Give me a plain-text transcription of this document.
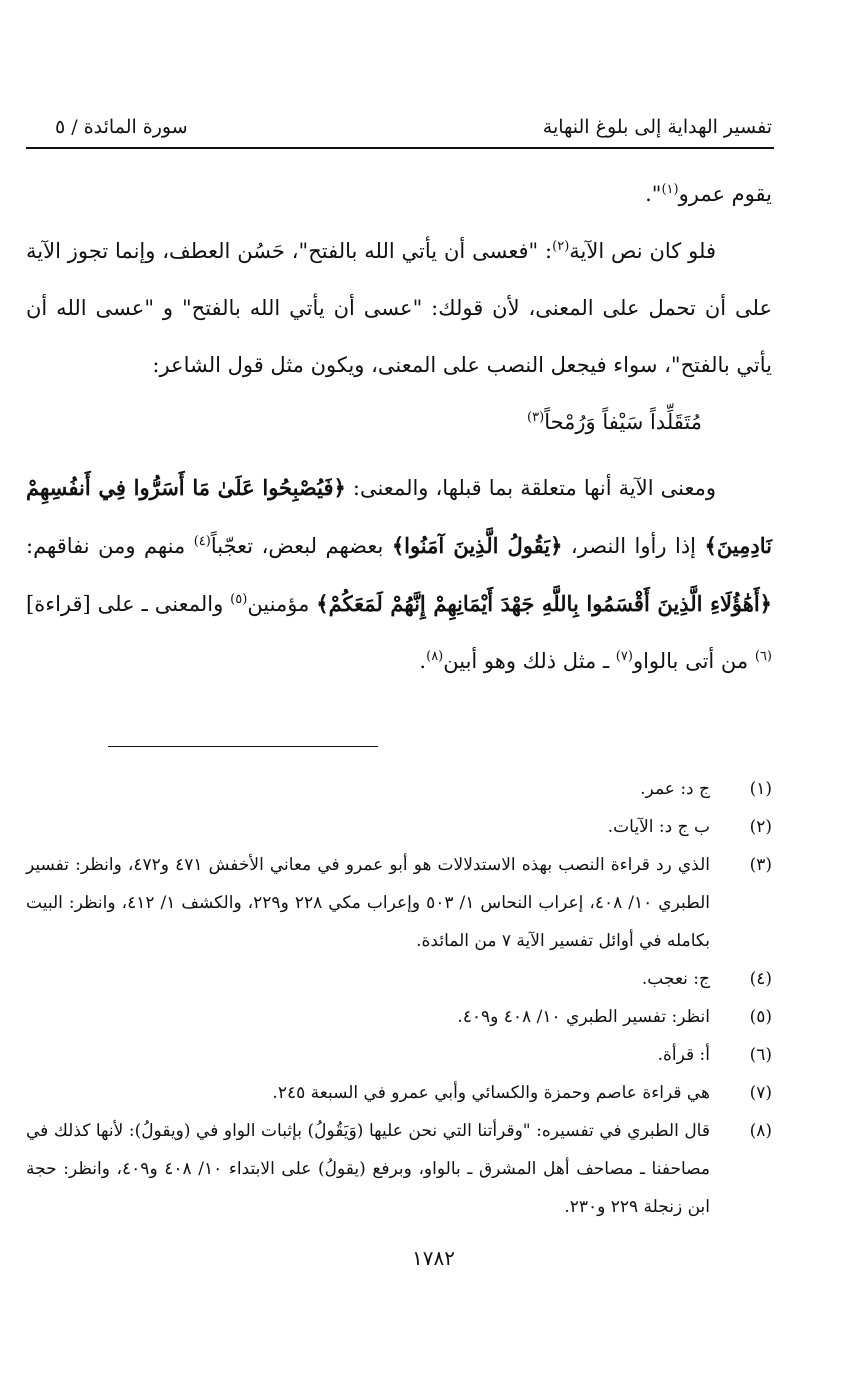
تفسير الهداية إلى بلوغ النهاية
سورة المائدة / ٥

يقوم عمرو$^{(١)}$".

فلو كان نص الآية$^{(٢)}$: "فعسى أن يأتي الله بالفتح"، حَسُن العطف، وإنما تجوز الآية على أن تحمل على المعنى، لأن قولك: "عسى أن يأتي الله بالفتح" و "عسى الله أن يأتي بالفتح"، سواء فيجعل النصب على المعنى، ويكون مثل قول الشاعر:

مُتَقَلِّداً سَيْفاً وَرُمْحاً$^{(٣)}$

ومعنى الآية أنها متعلقة بما قبلها، والمعنى: ﴿فَيُصْبِحُوا عَلَىٰ مَا أَسَرُّوا فِي أَنفُسِهِمْ نَادِمِينَ﴾ إذا رأوا النصر، ﴿يَقُولُ الَّذِينَ آمَنُوا﴾ بعضهم لبعض، تعجّباً$^{(٤)}$ منهم ومن نفاقهم: ﴿أَهَٰؤُلَاءِ الَّذِينَ أَقْسَمُوا بِاللَّهِ جَهْدَ أَيْمَانِهِمْ إِنَّهُمْ لَمَعَكُمْ﴾ مؤمنين$^{(٥)}$ والمعنى ـ على [قراءة]$^{(٦)}$ من أتى بالواو$^{(٧)}$ ـ مثل ذلك وهو أبين$^{(٨)}$.

(١)
ج د: عمر.
(٢)
ب ج د: الآيات.
(٣)
الذي رد قراءة النصب بهذه الاستدلالات هو أبو عمرو في معاني الأخفش ٤٧١ و٤٧٢، وانظر: تفسير الطبري ١٠/ ٤٠٨، إعراب النحاس ١/ ٥٠٣ وإعراب مكي ٢٢٨ و٢٢٩، والكشف ١/ ٤١٢، وانظر: البيت بكامله في أوائل تفسير الآية ٧ من المائدة.
(٤)
ج: نعجب.
(٥)
انظر: تفسير الطبري ١٠/ ٤٠٨ و٤٠٩.
(٦)
أ: قرأة.
(٧)
هي قراءة عاصم وحمزة والكسائي وأبي عمرو في السبعة ٢٤٥.
(٨)
قال الطبري في تفسيره: "وقرأتنا التي نحن عليها (وَيَقُولُ) بإثبات الواو في (ويقولُ): لأنها كذلك في مصاحفنا ـ مصاحف أهل المشرق ـ بالواو، وبرفع (يقولُ) على الابتداء ١٠/ ٤٠٨ و٤٠٩، وانظر: حجة ابن زنجلة ٢٢٩ و٢٣٠.
١٧٨٢
